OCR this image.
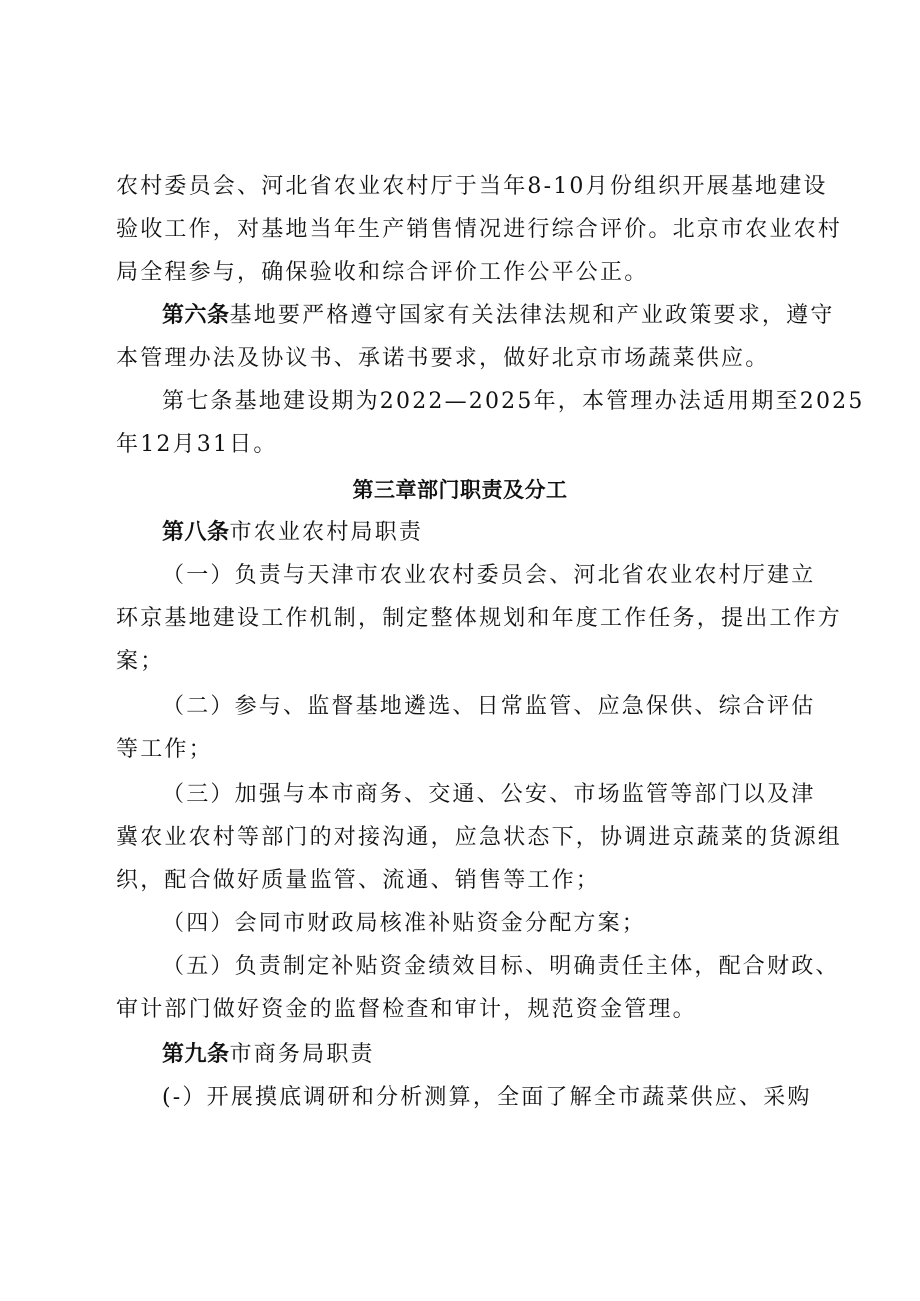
农村委员会、河北省农业农村厅于当年8-10月份组织开展基地建设
验收工作，对基地当年生产销售情况进行综合评价。北京市农业农村
局全程参与，确保验收和综合评价工作公平公正。
第六条基地要严格遵守国家有关法律法规和产业政策要求，遵守
本管理办法及协议书、承诺书要求，做好北京市场蔬菜供应。
第七条基地建设期为2022—2025年，本管理办法适用期至2025
年12月31日。
第三章部门职责及分工
第八条市农业农村局职责
（一）负责与天津市农业农村委员会、河北省农业农村厅建立
环京基地建设工作机制，制定整体规划和年度工作任务，提出工作方
案；
（二）参与、监督基地遴选、日常监管、应急保供、综合评估
等工作；
（三）加强与本市商务、交通、公安、市场监管等部门以及津
冀农业农村等部门的对接沟通，应急状态下，协调进京蔬菜的货源组
织，配合做好质量监管、流通、销售等工作；
（四）会同市财政局核准补贴资金分配方案；
（五）负责制定补贴资金绩效目标、明确责任主体，配合财政、
审计部门做好资金的监督检查和审计，规范资金管理。
第九条市商务局职责
(-）开展摸底调研和分析测算，全面了解全市蔬菜供应、采购
